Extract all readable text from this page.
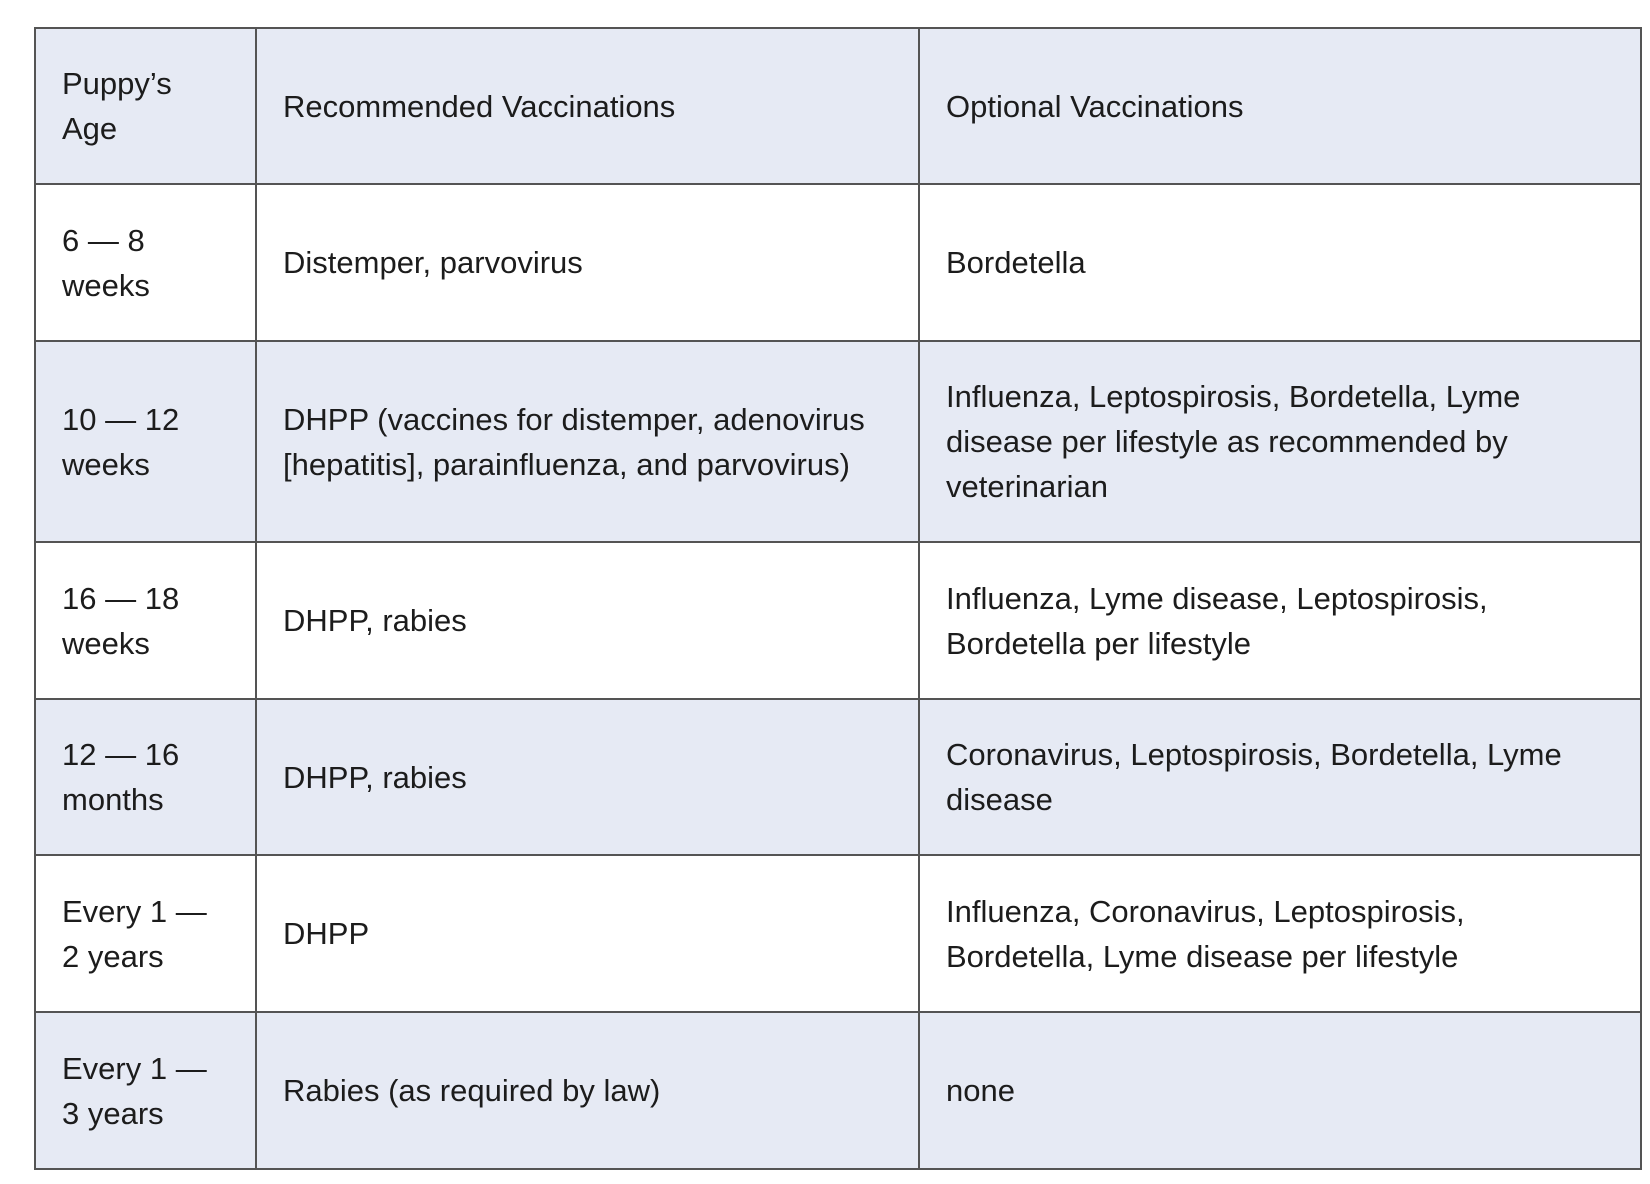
Puppy’s Age	Recommended Vaccinations	Optional Vaccinations

6 — 8 weeks	Distemper, parvovirus	Bordetella

10 — 12 weeks	DHPP (vaccines for distemper, adenovirus [hepatitis], parainfluenza, and parvovirus)	Influenza, Leptospirosis, Bordetella, Lyme disease per lifestyle as recommended by veterinarian

16 — 18 weeks	DHPP, rabies	Influenza, Lyme disease, Leptospirosis, Bordetella per lifestyle

12 — 16 months	DHPP, rabies	Coronavirus, Leptospirosis, Bordetella, Lyme disease

Every 1 — 2 years	DHPP	Influenza, Coronavirus, Leptospirosis, Bordetella, Lyme disease per lifestyle

Every 1 — 3 years	Rabies (as required by law)	none
